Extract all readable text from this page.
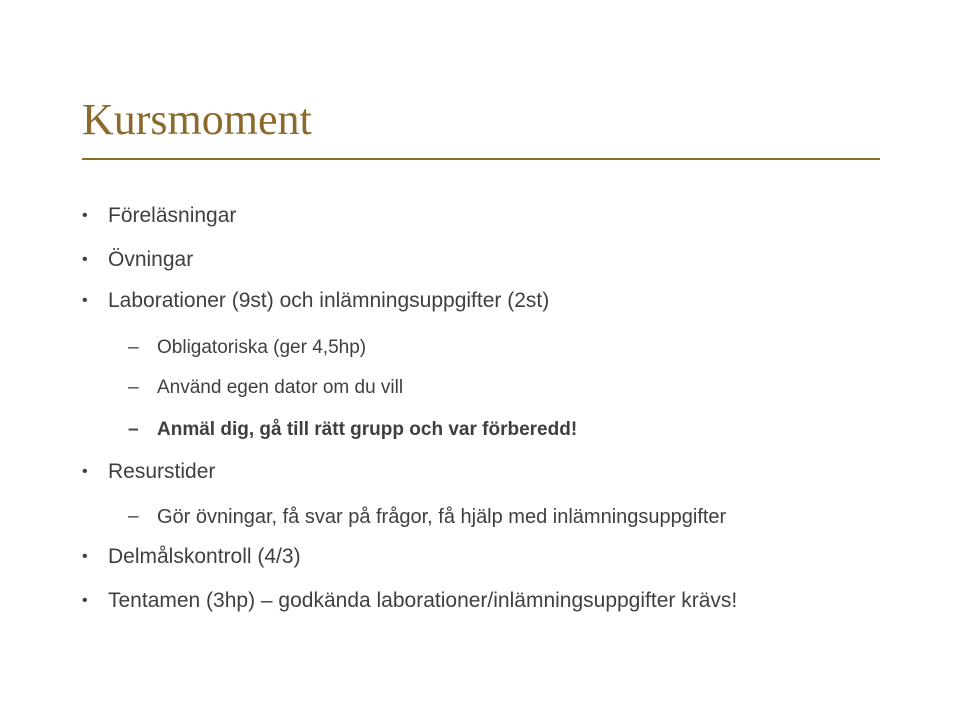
Kursmoment
• Föreläsningar
• Övningar
• Laborationer (9st) och inlämningsuppgifter (2st)
– Obligatoriska (ger 4,5hp)
– Använd egen dator om du vill
– Anmäl dig, gå till rätt grupp och var förberedd!
• Resurstider
– Gör övningar, få svar på frågor, få hjälp med inlämningsuppgifter
• Delmålskontroll (4/3)
• Tentamen (3hp) – godkända laborationer/inlämningsuppgifter krävs!
